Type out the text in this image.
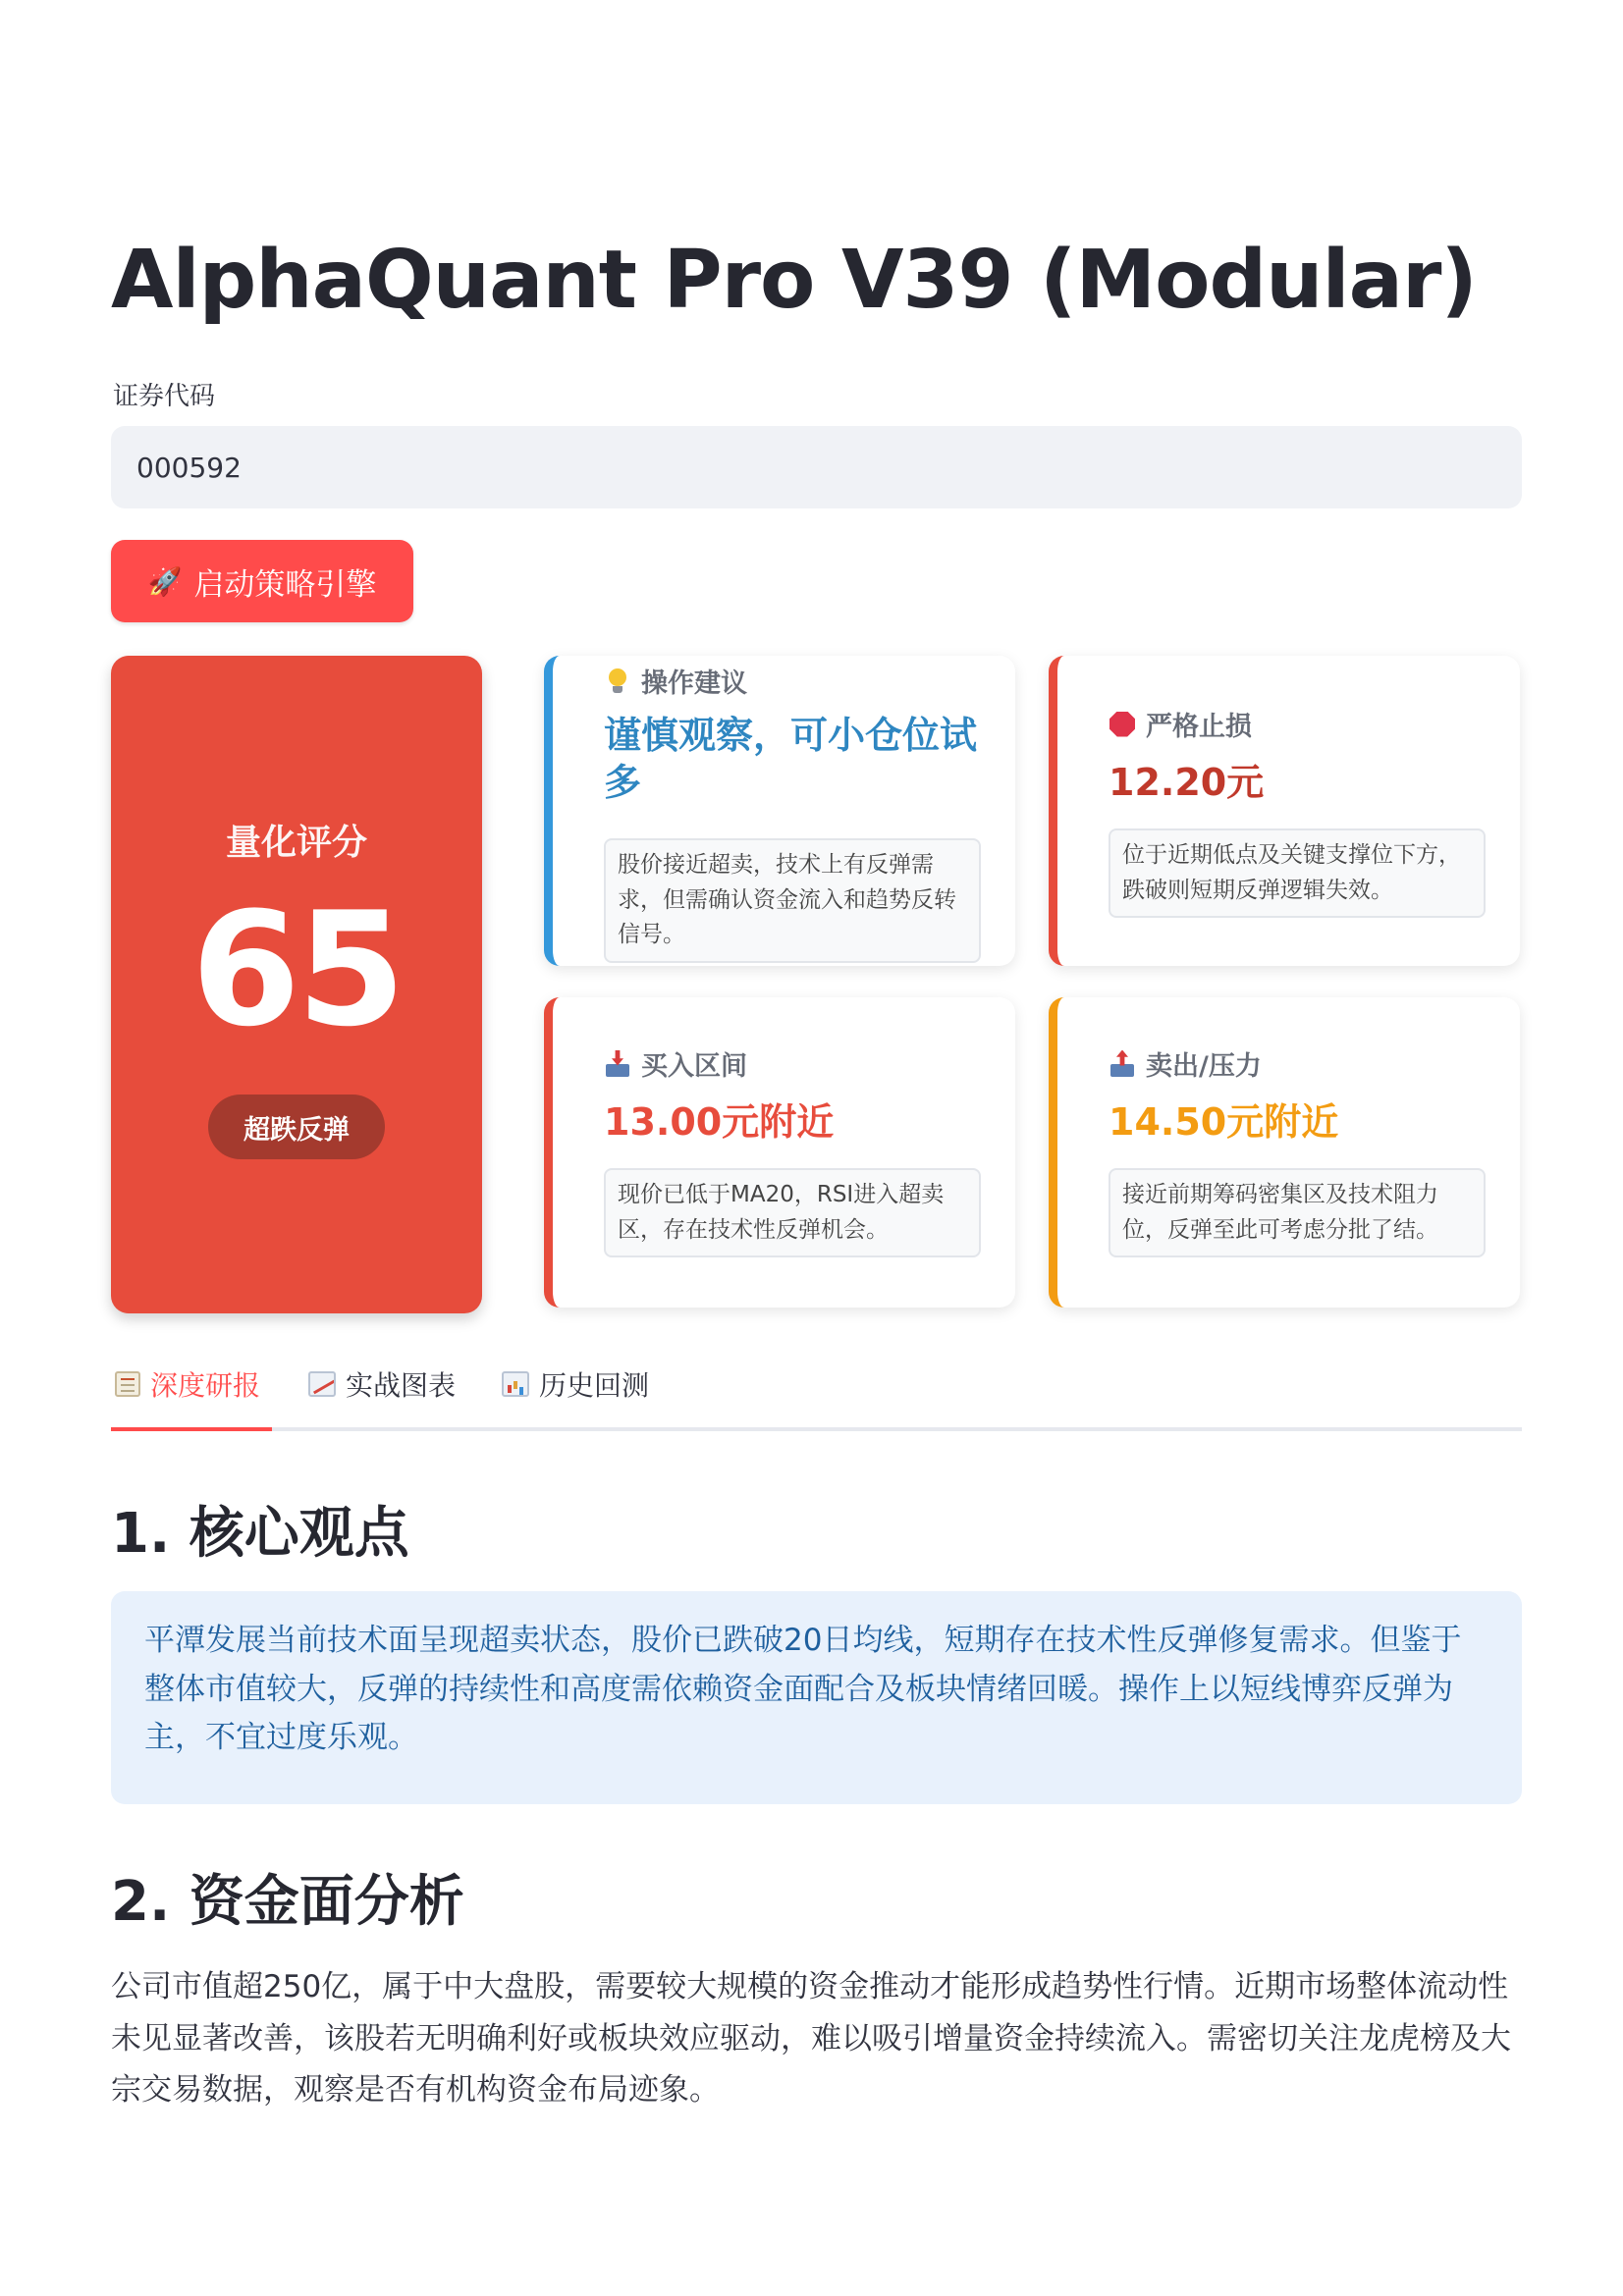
AlphaQuant Pro V39 (Modular)
证券代码
000592
🚀 启动策略引擎
量化评分
65
超跌反弹
操作建议
谨慎观察，可小仓位试多
股价接近超卖，技术上有反弹需求，但需确认资金流入和趋势反转信号。
严格止损
12.20元
位于近期低点及关键支撑位下方，跌破则短期反弹逻辑失效。
买入区间
13.00元附近
现价已低于MA20，RSI进入超卖区，存在技术性反弹机会。
卖出/压力
14.50元附近
接近前期筹码密集区及技术阻力位，反弹至此可考虑分批了结。
深度研报	实战图表	历史回测
1. 核心观点
平潭发展当前技术面呈现超卖状态，股价已跌破20日均线，短期存在技术性反弹修复需求。但鉴于整体市值较大，反弹的持续性和高度需依赖资金面配合及板块情绪回暖。操作上以短线博弈反弹为主，不宜过度乐观。
2. 资金面分析

公司市值超250亿，属于中大盘股，需要较大规模的资金推动才能形成趋势性行情。近期市场整体流动性未见显著改善，该股若无明确利好或板块效应驱动，难以吸引增量资金持续流入。需密切关注龙虎榜及大宗交易数据，观察是否有机构资金布局迹象。
